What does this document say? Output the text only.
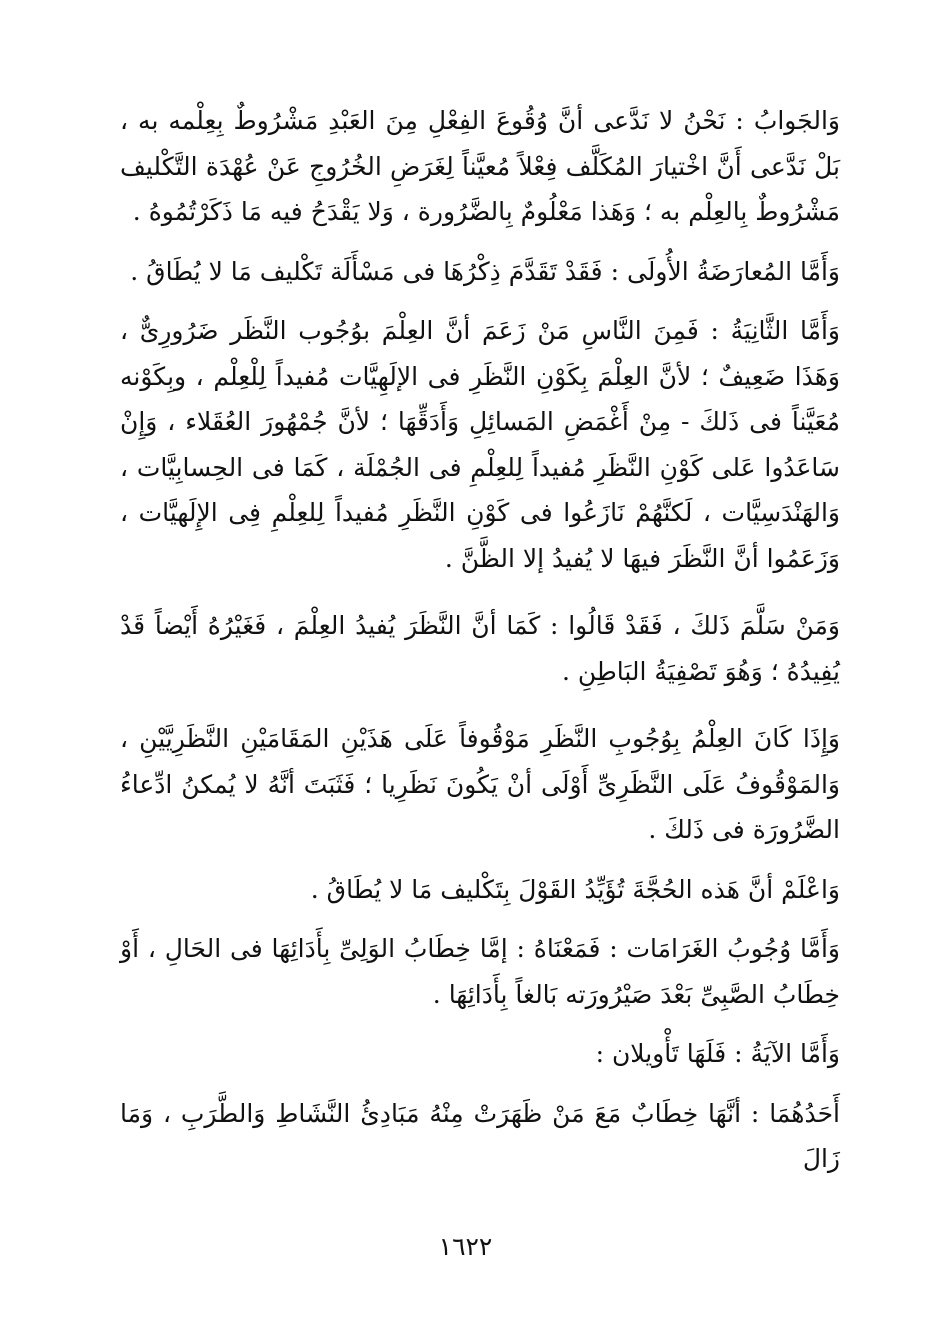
وَالجَوابُ : نَحْنُ لا نَدَّعى أنَّ وُقُوعَ الفِعْلِ مِنَ العَبْدِ مَشْرُوطٌ بِعِلْمه به ، بَلْ نَدَّعى أَنَّ اخْتيارَ المُكَلَّف فِعْلاً مُعيَّناً لِغَرَضِ الخُرُوجِ عَنْ عُهْدَة التَّكْليف مَشْرُوطٌ بِالعِلْم به ؛ وَهَذا مَعْلُومٌ بِالضَّرُورة ، وَلا يَقْدَحُ فيه مَا ذَكَرْتُمُوهُ .

وَأَمَّا المُعارَضَةُ الأُولَى : فَقَدْ تَقَدَّمَ ذِكْرُهَا فى مَسْأَلَة تَكْليف مَا لا يُطَاقُ .

وَأَمَّا الثَّانِيَةُ : فَمِنَ النَّاسِ مَنْ زَعَمَ أنَّ العِلْمَ بوُجُوب النَّظَر ضَرُورِىٌّ ، وَهَذَا ضَعِيفٌ ؛ لأنَّ العِلْمَ بِكَوْنِ النَّظَرِ فى الإلَهِيَّات مُفيداً لِلْعِلْم ، وبِكَوْنه مُعَيَّناً فى ذَلكَ - مِنْ أَغْمَضِ المَسائِلِ وَأَدَقِّهَا ؛ لأنَّ جُمْهُورَ العُقَلاء ، وَإِنْ سَاعَدُوا عَلى كَوْنِ النَّظَرِ مُفيداً لِلعِلْمِ فى الجُمْلَة ، كَمَا فى الحِسابِيَّات ، وَالهَنْدَسِيَّات ، لَكنَّهُمْ نَازَعُوا فى كَوْنِ النَّظَرِ مُفيداً لِلعِلْمِ فِى الإِلَهيَّات ، وَزَعَمُوا أنَّ النَّظَرَ فيهَا لا يُفيدُ إلا الظَّنَّ .

وَمَنْ سَلَّمَ ذَلكَ ، فَقَدْ قَالُوا : كَمَا أنَّ النَّظَرَ يُفيدُ العِلْمَ ، فَغَيْرُهُ أَيْضاً قَدْ يُفِيدُهُ ؛ وَهُوَ تَصْفِيَةُ البَاطِنِ .

وَإِذَا كَانَ العِلْمُ بِوُجُوبِ النَّظَرِ مَوْقُوفاً عَلَى هَذَيْنِ المَقَامَيْنِ النَّظَرِيَّيْنِ ، وَالمَوْقُوفُ عَلَى النَّظَرِىِّ أَوْلَى أنْ يَكُونَ نَظَرِيا ؛ فَثَبَتَ أنَّهُ لا يُمكنُ ادِّعاءُ الضَّرُورَة فى ذَلكَ .

وَاعْلَمْ أنَّ هَذه الحُجَّةَ تُؤَيِّدُ القَوْلَ بِتَكْليف مَا لا يُطَاقُ .

وَأَمَّا وُجُوبُ الغَرَامَات : فَمَعْنَاهُ : إمَّا خِطَابُ الوَلِىِّ بِأَدَائِهَا فى الحَالِ ، أَوْ خِطَابُ الصَّبِىِّ بَعْدَ صَيْرُورَته بَالغاً بِأَدَائِهَا .

وَأَمَّا الآيَةُ : فَلَهَا تَأْويلان :

أَحَدُهُمَا : أنَّهَا خِطَابٌ مَعَ مَنْ ظَهَرَتْ مِنْهُ مَبَادِئُ النَّشَاطِ وَالطَّرَبِ ، وَمَا زَالَ

١٦٢٢
